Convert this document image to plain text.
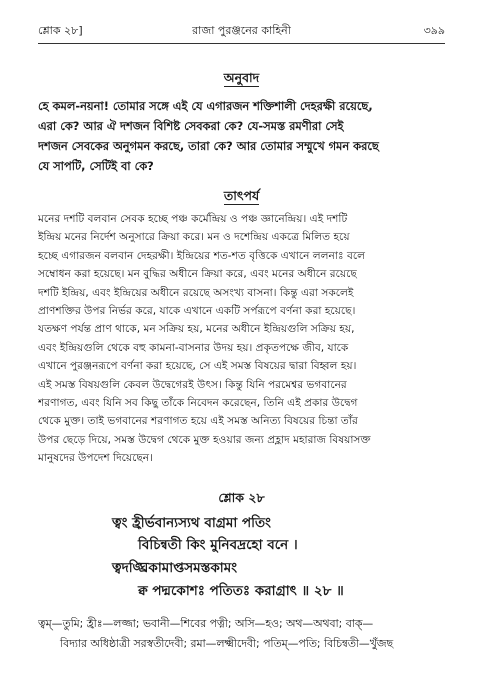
শ্লোক ২৮]	রাজা পুরঞ্জনের কাহিনী	৩৯৯
অনুবাদ
হে কমল-নয়না! তোমার সঙ্গে এই যে এগারজন শক্তিশালী দেহরক্ষী রয়েছে,
এরা কে? আর ঐ দশজন বিশিষ্ট সেবকরা কে? যে-সমস্ত রমণীরা সেই
দশজন সেবকের অনুগমন করছে, তারা কে? আর তোমার সম্মুখে গমন করছে
যে সাপটি, সেটিই বা কে?
তাৎপর্য
মনের দশটি বলবান সেবক হচ্ছে পঞ্চ কর্মেন্দ্রিয় ও পঞ্চ জ্ঞানেন্দ্রিয়। এই দশটি
ইন্দ্রিয় মনের নির্দেশ অনুসারে ক্রিয়া করে। মন ও দশেন্দ্রিয় একত্রে মিলিত হয়ে
হচ্ছে এগারজন বলবান দেহরক্ষী। ইন্দ্রিয়ের শত-শত বৃত্তিকে এখানে ললনাঃ বলে
সম্বোধন করা হয়েছে। মন বুদ্ধির অধীনে ক্রিয়া করে, এবং মনের অধীনে রয়েছে
দশটি ইন্দ্রিয়, এবং ইন্দ্রিয়ের অধীনে রয়েছে অসংখ্য বাসনা। কিন্তু এরা সকলেই
প্রাণশক্তির উপর নির্ভর করে, যাকে এখানে একটি সর্পরূপে বর্ণনা করা হয়েছে।
যতক্ষণ পর্যন্ত প্রাণ থাকে, মন সক্রিয় হয়, মনের অধীনে ইন্দ্রিয়গুলি সক্রিয় হয়,
এবং ইন্দ্রিয়গুলি থেকে বহু কামনা-বাসনার উদয় হয়। প্রকৃতপক্ষে জীব, যাকে
এখানে পুরঞ্জনরূপে বর্ণনা করা হয়েছে, সে এই সমস্ত বিষয়ের দ্বারা বিহ্বল হয়।
এই সমস্ত বিষয়গুলি কেবল উদ্বেগেরই উৎস। কিন্তু যিনি পরমেশ্বর ভগবানের
শরণাগত, এবং যিনি সব কিছু তাঁকে নিবেদন করেছেন, তিনি এই প্রকার উদ্বেগ
থেকে মুক্ত। তাই ভগবানের শরণাগত হয়ে এই সমস্ত অনিত্য বিষয়ের চিন্তা তাঁর
উপর ছেড়ে দিয়ে, সমস্ত উদ্বেগ থেকে মুক্ত হওয়ার জন্য প্রহ্লাদ মহারাজ বিষয়াসক্ত
মানুষদের উপদেশ দিয়েছেন।
শ্লোক ২৮
ত্বং হ্রীর্ভবান্যস্যথ বাগ্রমা পতিং
বিচিন্বতী কিং মুনিবদ্রহো বনে ।
ত্বদঙ্ঘ্রিকামাপ্তসমস্তকামং
ক্ব পদ্মকোশঃ পতিতঃ করাগ্রাৎ ॥ ২৮ ॥
ত্বম্—তুমি; হ্রীঃ—লজ্জা; ভবানী—শিবের পত্নী; অসি—হও; অথ—অথবা; বাক্—
বিদ্যার অধিষ্ঠাত্রী সরস্বতীদেবী; রমা—লক্ষ্মীদেবী; পতিম্—পতি; বিচিন্বতী—খুঁজছ
